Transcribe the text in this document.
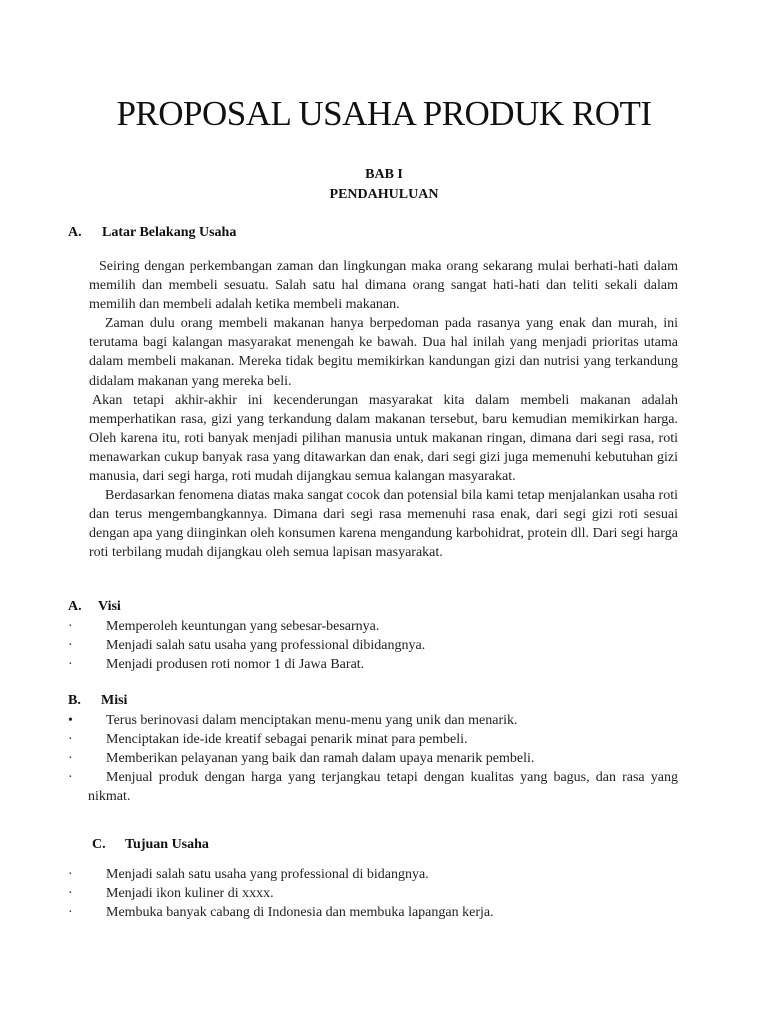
PROPOSAL USAHA PRODUK ROTI
BAB I
PENDAHULUAN
A. Latar Belakang Usaha

Seiring dengan perkembangan zaman dan lingkungan maka orang sekarang mulai berhati-hati dalam memilih dan membeli sesuatu. Salah satu hal dimana orang sangat hati-hati dan teliti sekali dalam memilih dan membeli adalah ketika membeli makanan.

Zaman dulu orang membeli makanan hanya berpedoman pada rasanya yang enak dan murah, ini terutama bagi kalangan masyarakat menengah ke bawah. Dua hal inilah yang menjadi prioritas utama dalam membeli makanan. Mereka tidak begitu memikirkan kandungan gizi dan nutrisi yang terkandung didalam makanan yang mereka beli.

Akan tetapi akhir-akhir ini kecenderungan masyarakat kita dalam membeli makanan adalah memperhatikan rasa, gizi yang terkandung dalam makanan tersebut, baru kemudian memikirkan harga. Oleh karena itu, roti banyak menjadi pilihan manusia untuk makanan ringan, dimana dari segi rasa, roti menawarkan cukup banyak rasa yang ditawarkan dan enak, dari segi gizi juga memenuhi kebutuhan gizi manusia, dari segi harga, roti mudah dijangkau semua kalangan masyarakat.

Berdasarkan fenomena diatas maka sangat cocok dan potensial bila kami tetap menjalankan usaha roti dan terus mengembangkannya. Dimana dari segi rasa memenuhi rasa enak, dari segi gizi roti sesuai dengan apa yang diinginkan oleh konsumen karena mengandung karbohidrat, protein dll. Dari segi harga roti terbilang mudah dijangkau oleh semua lapisan masyarakat.

A. Visi
·	Memperoleh keuntungan yang sebesar-besarnya.
·	Menjadi salah satu usaha yang professional dibidangnya.
·	Menjadi produsen roti nomor 1 di Jawa Barat.
B. Misi
•	Terus berinovasi dalam menciptakan menu-menu yang unik dan menarik.
·	Menciptakan ide-ide kreatif sebagai penarik minat para pembeli.
·	Memberikan pelayanan yang baik dan ramah dalam upaya menarik pembeli.
·	Menjual produk dengan harga yang terjangkau tetapi dengan kualitas yang bagus, dan rasa yang nikmat.
C. Tujuan Usaha
·	Menjadi salah satu usaha yang professional di bidangnya.
·	Menjadi ikon kuliner di xxxx.
·	Membuka banyak cabang di Indonesia dan membuka lapangan kerja.
